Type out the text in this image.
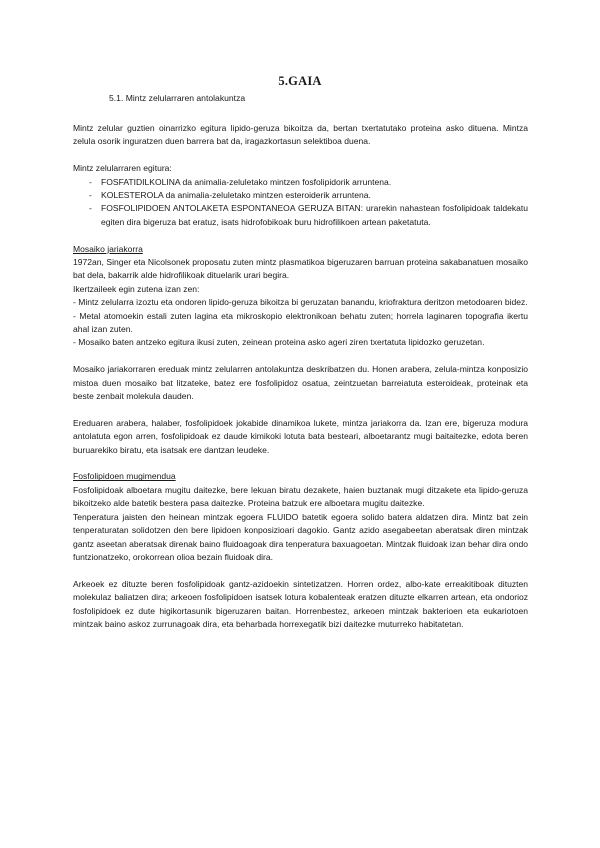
5.GAIA
5.1. Mintz zelularraren antolakuntza

Mintz zelular guztien oinarrizko egitura lipido-geruza bikoitza da, bertan txertatutako proteina asko dituena. Mintza zelula osorik inguratzen duen barrera bat da, iragazkortasun selektiboa duena.

Mintz zelularraren egitura:

- FOSFATIDILKOLINA da animalia-zeluletako mintzen fosfolipidorik arruntena.
- KOLESTEROLA da animalia-zeluletako mintzen esteroiderik arruntena.
- FOSFOLIPIDOEN ANTOLAKETA ESPONTANEOA GERUZA BITAN: urarekin nahastean fosfolipidoak taldekatu egiten dira bigeruza bat eratuz, isats hidrofobikoak buru hidrofilikoen artean paketatuta.

Mosaiko jariakorra

1972an, Singer eta Nicolsonek proposatu zuten mintz plasmatikoa bigeruzaren barruan proteina sakabanatuen mosaiko bat dela, bakarrik alde hidrofilikoak dituelarik urari begira.

Ikertzaileek egin zutena izan zen:

- Mintz zelularra izoztu eta ondoren lipido-geruza bikoitza bi geruzatan banandu, kriofraktura deritzon metodoaren bidez.

- Metal atomoekin estali zuten lagina eta mikroskopio elektronikoan behatu zuten; horrela laginaren topografia ikertu ahal izan zuten.

- Mosaiko baten antzeko egitura ikusi zuten, zeinean proteina asko ageri ziren txertatuta lipidozko geruzetan.

Mosaiko jariakorraren ereduak mintz zelularren antolakuntza deskribatzen du. Honen arabera, zelula-mintza konposizio mistoa duen mosaiko bat litzateke, batez ere fosfolipidoz osatua, zeintzuetan barreiatuta esteroideak, proteinak eta beste zenbait molekula dauden.

Ereduaren arabera, halaber, fosfolipidoek jokabide dinamikoa lukete, mintza jariakorra da. Izan ere, bigeruza modura antolatuta egon arren, fosfolipidoak ez daude kimikoki lotuta bata besteari, alboetarantz mugi baitaitezke, edota beren buruarekiko biratu, eta isatsak ere dantzan leudeke.

Fosfolipidoen mugimendua

Fosfolipidoak alboetara mugitu daitezke, bere lekuan biratu dezakete, haien buztanak mugi ditzakete eta lipido-geruza bikoitzeko alde batetik bestera pasa daitezke. Proteina batzuk ere alboetara mugitu daitezke.

Tenperatura jaisten den heinean mintzak egoera FLUIDO batetik egoera solido batera aldatzen dira. Mintz bat zein tenperaturatan solidotzen den bere lipidoen konposizioari dagokio. Gantz azido asegabeetan aberatsak diren mintzak gantz aseetan aberatsak direnak baino fluidoagoak dira tenperatura baxuagoetan. Mintzak fluidoak izan behar dira ondo funtzionatzeko, orokorrean olioa bezain fluidoak dira.

Arkeoek ez dituzte beren fosfolipidoak gantz-azidoekin sintetizatzen. Horren ordez, albo-kate erreakitiboak dituzten molekulaz baliatzen dira; arkeoen fosfolipidoen isatsek lotura kobalenteak eratzen dituzte elkarren artean, eta ondorioz fosfolipidoek ez dute higikortasunik bigeruzaren baitan. Horrenbestez, arkeoen mintzak bakterioen eta eukariotoen mintzak baino askoz zurrunagoak dira, eta beharbada horrexegatik bizi daitezke muturreko habitatetan.
